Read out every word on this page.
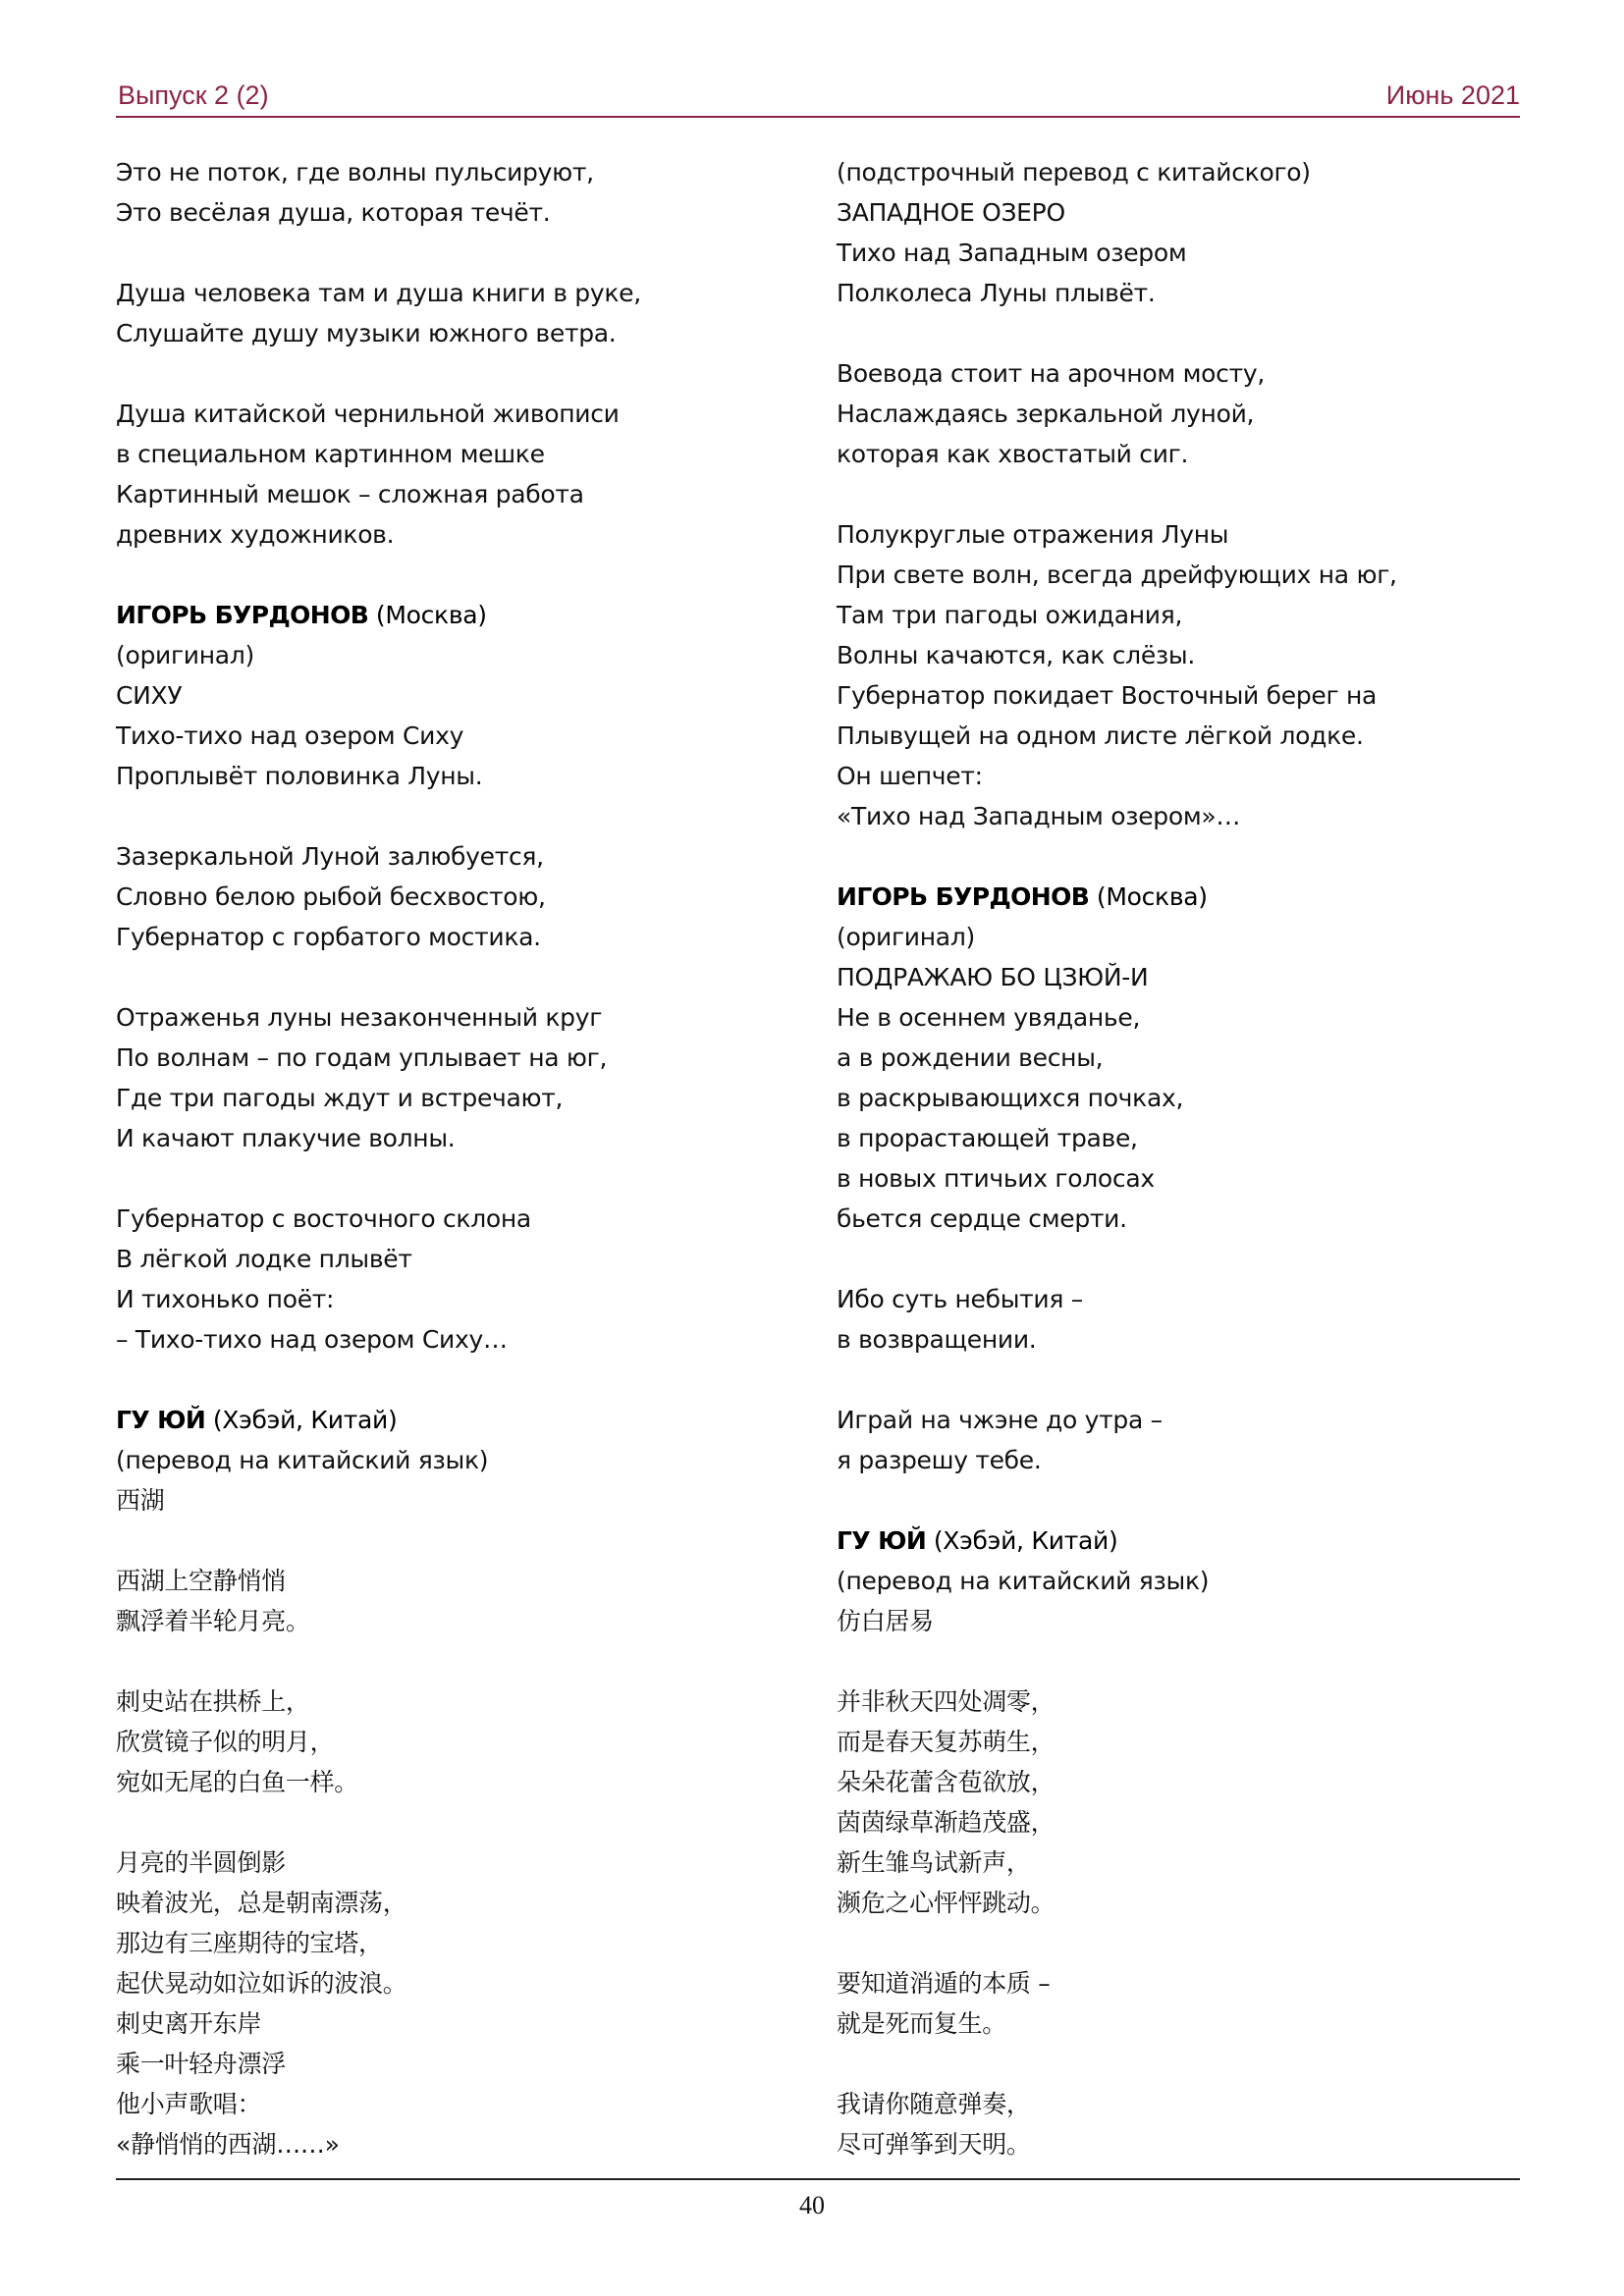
Выпуск 2 (2)	Июнь 2021
Это не поток, где волны пульсируют,
Это весёлая душа, которая течёт.
Душа человека там и душа книги в руке,
Слушайте душу музыки южного ветра.
Душа китайской чернильной живописи
в специальном картинном мешке
Картинный мешок – сложная работа
древних художников.
ИГОРЬ БУРДОНОВ (Москва)
(оригинал)
СИХУ
Тихо-тихо над озером Сиху
Проплывёт половинка Луны.
Зазеркальной Луной залюбуется,
Словно белою рыбой бесхвостою,
Губернатор с горбатого мостика.
Отраженья луны незаконченный круг
По волнам – по годам уплывает на юг,
Где три пагоды ждут и встречают,
И качают плакучие волны.
Губернатор с восточного склона
В лёгкой лодке плывёт
И тихонько поёт:
– Тихо-тихо над озером Сиху…
ГУ ЮЙ (Хэбэй, Китай)
(перевод на китайский язык)
西湖
西湖上空静悄悄
飘浮着半轮月亮。
刺史站在拱桥上，
欣赏镜子似的明月，
宛如无尾的白鱼一样。
月亮的半圆倒影
映着波光，总是朝南漂荡，
那边有三座期待的宝塔，
起伏晃动如泣如诉的波浪。
刺史离开东岸
乘一叶轻舟漂浮
他小声歌唱：
«静悄悄的西湖……»
(подстрочный перевод с китайского)
ЗАПАДНОЕ ОЗЕРО
Тихо над Западным озером
Полколеса Луны плывёт.
Воевода стоит на арочном мосту,
Наслаждаясь зеркальной луной,
которая как хвостатый сиг.
Полукруглые отражения Луны
При свете волн, всегда дрейфующих на юг,
Там три пагоды ожидания,
Волны качаются, как слёзы.
Губернатор покидает Восточный берег на
Плывущей на одном листе лёгкой лодке.
Он шепчет:
«Тихо над Западным озером»…
ИГОРЬ БУРДОНОВ (Москва)
(оригинал)
ПОДРАЖАЮ БО ЦЗЮЙ-И
Не в осеннем увяданье,
а в рождении весны,
в раскрывающихся почках,
в прорастающей траве,
в новых птичьих голосах
бьется сердце смерти.
Ибо суть небытия –
в возвращении.
Играй на чжэне до утра –
я разрешу тебе.
ГУ ЮЙ (Хэбэй, Китай)
(перевод на китайский язык)
仿白居易
并非秋天四处凋零，
而是春天复苏萌生，
朵朵花蕾含苞欲放，
茵茵绿草渐趋茂盛，
新生雏鸟试新声，
濒危之心怦怦跳动。
要知道消遁的本质 –
就是死而复生。
我请你随意弹奏，
尽可弹筝到天明。
40
